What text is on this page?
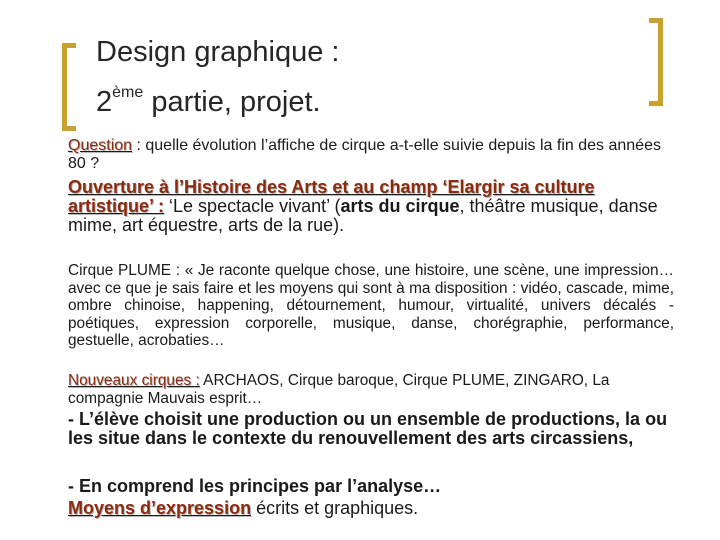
Design graphique :
2ème partie, projet.
Question : quelle évolution l’affiche de cirque a-t-elle suivie depuis la fin des années 80 ?
Ouverture à l’Histoire des Arts et au champ ‘Elargir sa culture artistique’ : ‘Le spectacle vivant’ (arts du cirque, théâtre musique, danse mime, art équestre, arts de la rue).
Cirque PLUME : « Je raconte quelque chose, une histoire, une scène, une impression… avec ce que je sais faire et les moyens qui sont à ma disposition : vidéo, cascade, mime, ombre chinoise, happening, détournement, humour, virtualité, univers décalés - poétiques, expression corporelle, musique, danse, chorégraphie, performance, gestuelle, acrobaties…
Nouveaux cirques : ARCHAOS, Cirque baroque, Cirque PLUME, ZINGARO, La compagnie Mauvais esprit…
- L’élève choisit une production ou un ensemble de productions, la ou les situe dans le contexte du renouvellement des arts circassiens,
- En comprend les principes par l’analyse…
Moyens d’expression écrits et graphiques.
